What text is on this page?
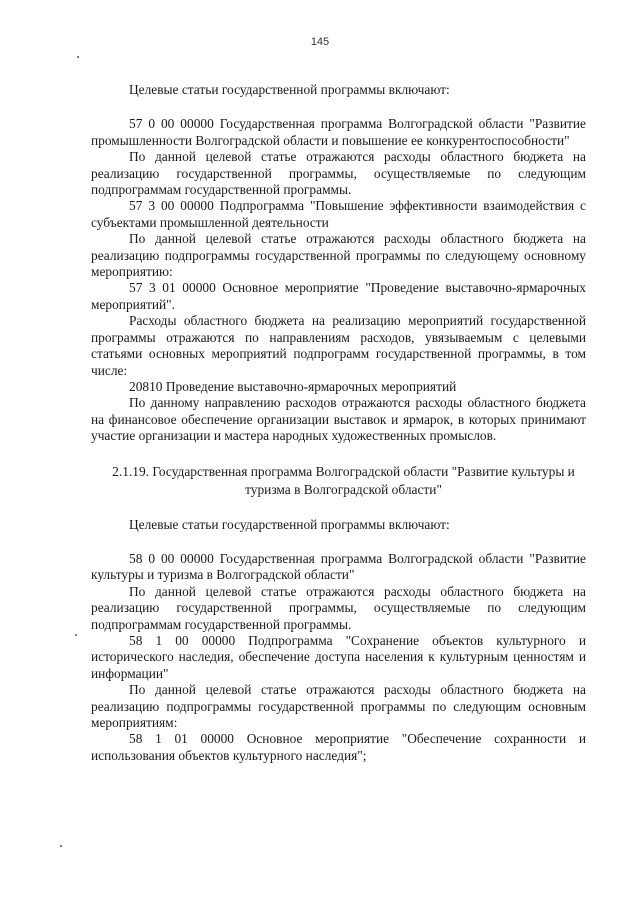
145

Целевые статьи государственной программы включают:

57 0 00 00000 Государственная программа Волгоградской области "Развитие промышленности Волгоградской области и повышение ее конкурентоспособности"

По данной целевой статье отражаются расходы областного бюджета на реализацию государственной программы, осуществляемые по следующим подпрограммам государственной программы.

57 3 00 00000 Подпрограмма "Повышение эффективности взаимодействия с субъектами промышленной деятельности

По данной целевой статье отражаются расходы областного бюджета на реализацию подпрограммы государственной программы по следующему основному мероприятию:

57 3 01 00000 Основное мероприятие "Проведение выставочно-ярмарочных мероприятий".

Расходы областного бюджета на реализацию мероприятий государственной программы отражаются по направлениям расходов, увязываемым с целевыми статьями основных мероприятий подпрограмм государственной программы, в том числе:

20810 Проведение выставочно-ярмарочных мероприятий

По данному направлению расходов отражаются расходы областного бюджета на финансовое обеспечение организации выставок и ярмарок, в которых принимают участие организации и мастера народных художественных промыслов.

2.1.19. Государственная программа Волгоградской области "Развитие культуры и туризма в Волгоградской области"

Целевые статьи государственной программы включают:

58 0 00 00000 Государственная программа Волгоградской области "Развитие культуры и туризма в Волгоградской области"

По данной целевой статье отражаются расходы областного бюджета на реализацию государственной программы, осуществляемые по следующим подпрограммам государственной программы.

58 1 00 00000 Подпрограмма "Сохранение объектов культурного и исторического наследия, обеспечение доступа населения к культурным ценностям и информации"

По данной целевой статье отражаются расходы областного бюджета на реализацию подпрограммы государственной программы по следующим основным мероприятиям:

58 1 01 00000 Основное мероприятие "Обеспечение сохранности и использования объектов культурного наследия";
